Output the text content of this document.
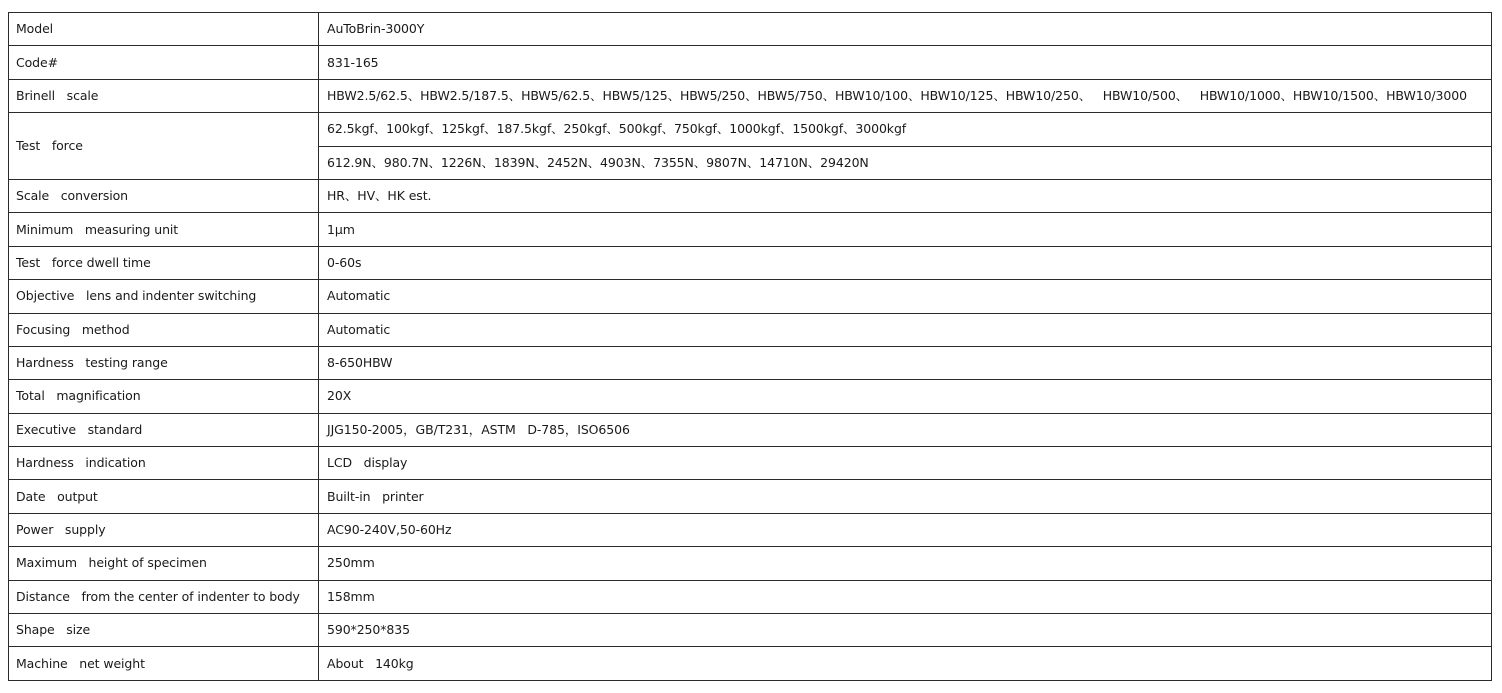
Model	AuToBrin-3000Y
Code#	831-165
Brinell   scale	HBW2.5/62.5、HBW2.5/187.5、HBW5/62.5、HBW5/125、HBW5/250、HBW5/750、HBW10/100、HBW10/125、HBW10/250、   HBW10/500、   HBW10/1000、HBW10/1500、HBW10/3000
Test   force	62.5kgf、100kgf、125kgf、187.5kgf、250kgf、500kgf、750kgf、1000kgf、1500kgf、3000kgf
	612.9N、980.7N、1226N、1839N、2452N、4903N、7355N、9807N、14710N、29420N
Scale   conversion	HR、HV、HK est.
Minimum   measuring unit	1μm
Test   force dwell time	0-60s
Objective   lens and indenter switching	Automatic
Focusing   method	Automatic
Hardness   testing range	8-650HBW
Total   magnification	20X
Executive   standard	JJG150-2005，GB/T231，ASTM   D-785，ISO6506
Hardness   indication	LCD   display
Date   output	Built-in   printer
Power   supply	AC90-240V,50-60Hz
Maximum   height of specimen	250mm
Distance   from the center of indenter to body	158mm
Shape   size	590*250*835
Machine   net weight	About   140kg
